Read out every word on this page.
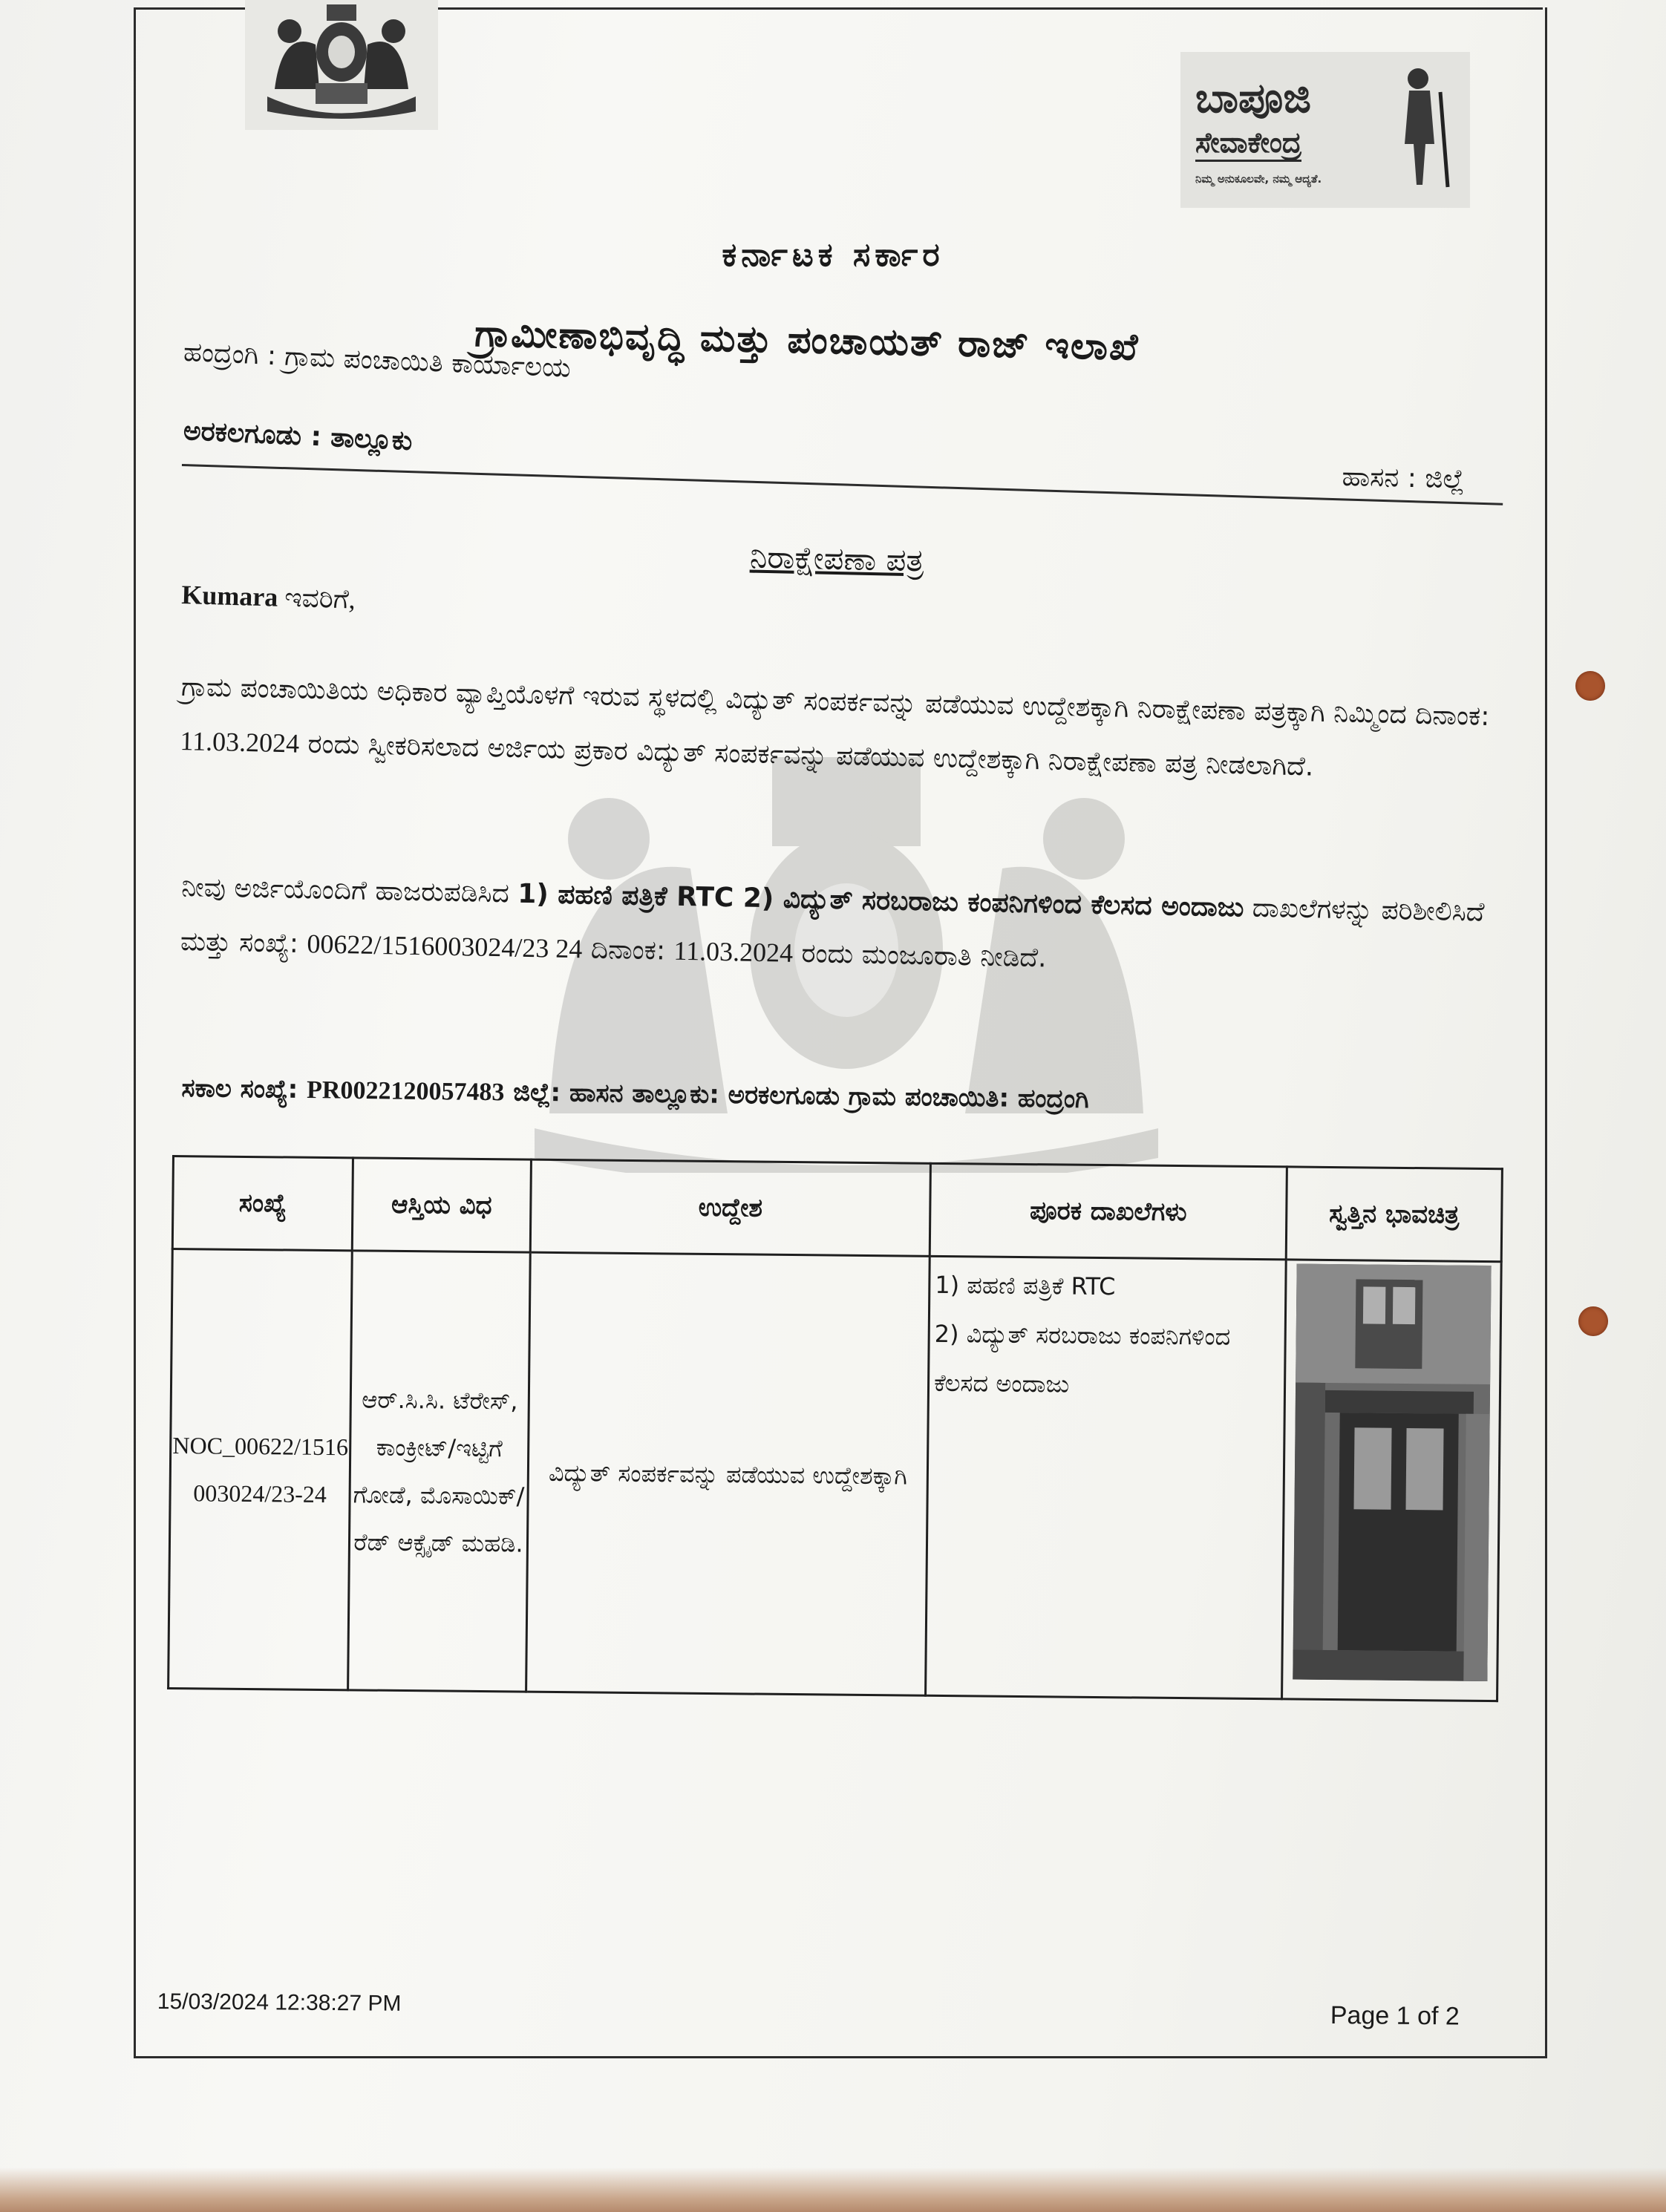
ಬಾಪೂಜಿ
ಸೇವಾಕೇಂದ್ರ
ನಿಮ್ಮ ಅನುಕೂಲವೇ, ನಮ್ಮ ಆದ್ಯತೆ.
ಕರ್ನಾಟಕ ಸರ್ಕಾರ
ಗ್ರಾಮೀಣಾಭಿವೃದ್ಧಿ ಮತ್ತು ಪಂಚಾಯತ್ ರಾಜ್ ಇಲಾಖೆ
ಹಂದ್ರಂಗಿ : ಗ್ರಾಮ ಪಂಚಾಯಿತಿ ಕಾರ್ಯಾಲಯ
ಅರಕಲಗೂಡು : ತಾಲ್ಲೂಕು
ಹಾಸನ : ಜಿಲ್ಲೆ
ನಿರಾಕ್ಷೇಪಣಾ ಪತ್ರ
Kumara ಇವರಿಗೆ,
ಗ್ರಾಮ ಪಂಚಾಯಿತಿಯ ಅಧಿಕಾರ ವ್ಯಾಪ್ತಿಯೊಳಗೆ ಇರುವ ಸ್ಥಳದಲ್ಲಿ ವಿದ್ಯುತ್ ಸಂಪರ್ಕವನ್ನು ಪಡೆಯುವ ಉದ್ದೇಶಕ್ಕಾಗಿ ನಿರಾಕ್ಷೇಪಣಾ ಪತ್ರಕ್ಕಾಗಿ ನಿಮ್ಮಿಂದ ದಿನಾಂಕ: 11.03.2024 ರಂದು ಸ್ವೀಕರಿಸಲಾದ ಅರ್ಜಿಯ ಪ್ರಕಾರ ವಿದ್ಯುತ್ ಸಂಪರ್ಕವನ್ನು ಪಡೆಯುವ ಉದ್ದೇಶಕ್ಕಾಗಿ ನಿರಾಕ್ಷೇಪಣಾ ಪತ್ರ ನೀಡಲಾಗಿದೆ.
ನೀವು ಅರ್ಜಿಯೊಂದಿಗೆ ಹಾಜರುಪಡಿಸಿದ 1) ಪಹಣಿ ಪತ್ರಿಕೆ RTC 2) ವಿದ್ಯುತ್ ಸರಬರಾಜು ಕಂಪನಿಗಳಿಂದ ಕೆಲಸದ ಅಂದಾಜು ದಾಖಲೆಗಳನ್ನು ಪರಿಶೀಲಿಸಿದೆ ಮತ್ತು ಸಂಖ್ಯೆ: 00622/1516003024/23 24 ದಿನಾಂಕ: 11.03.2024 ರಂದು ಮಂಜೂರಾತಿ ನೀಡಿದೆ.
ಸಕಾಲ ಸಂಖ್ಯೆ: PR0022120057483 ಜಿಲ್ಲೆ: ಹಾಸನ ತಾಲ್ಲೂಕು: ಅರಕಲಗೂಡು ಗ್ರಾಮ ಪಂಚಾಯಿತಿ: ಹಂದ್ರಂಗಿ
ಸಂಖ್ಯೆ	ಆಸ್ತಿಯ ವಿಧ	ಉದ್ದೇಶ	ಪೂರಕ ದಾಖಲೆಗಳು	ಸ್ವತ್ತಿನ ಭಾವಚಿತ್ರ
NOC_00622/1516003024/23-24	ಆರ್.ಸಿ.ಸಿ. ಟೆರೇಸ್, ಕಾಂಕ್ರೀಟ್/ಇಟ್ಟಿಗೆ ಗೋಡೆ, ಮೊಸಾಯಿಕ್/ರೆಡ್ ಆಕ್ಸೈಡ್ ಮಹಡಿ.	ವಿದ್ಯುತ್ ಸಂಪರ್ಕವನ್ನು ಪಡೆಯುವ ಉದ್ದೇಶಕ್ಕಾಗಿ	1) ಪಹಣಿ ಪತ್ರಿಕೆ RTC
2) ವಿದ್ಯುತ್ ಸರಬರಾಜು ಕಂಪನಿಗಳಿಂದ ಕೆಲಸದ ಅಂದಾಜು

15/03/2024 12:38:27 PM	Page 1 of 2
